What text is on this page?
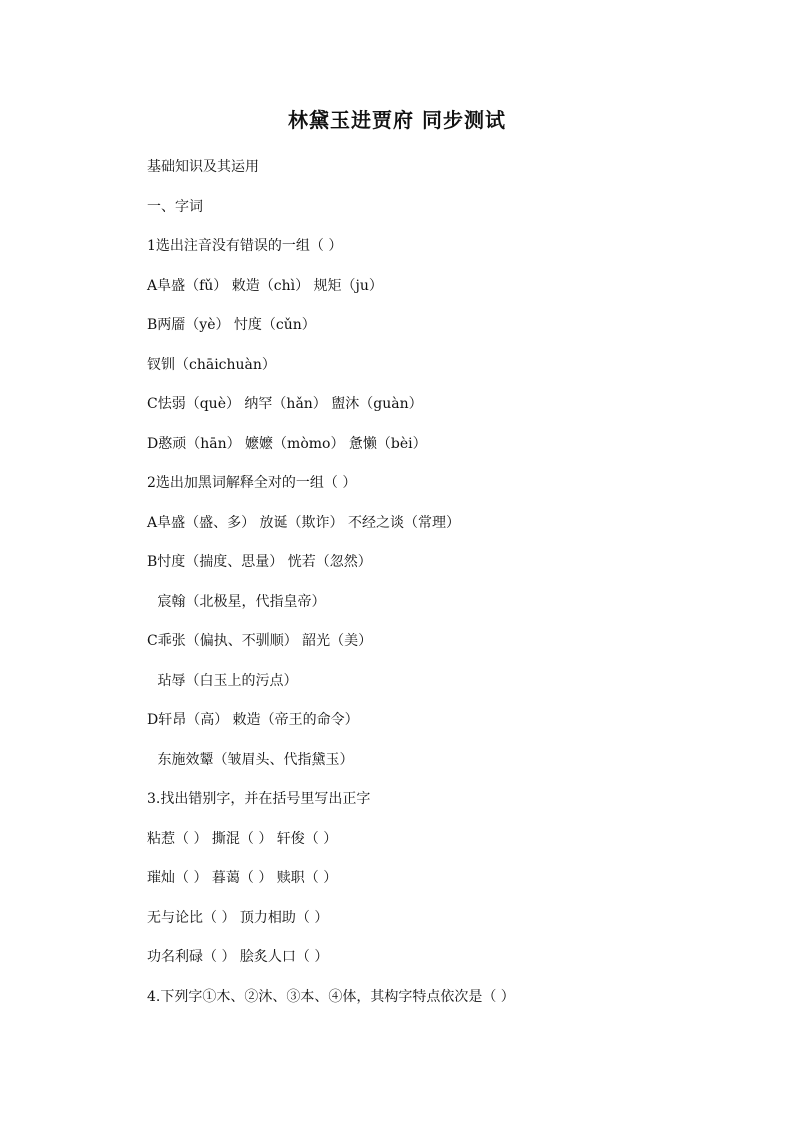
林黛玉进贾府 同步测试
基础知识及其运用
一、字词
1选出注音没有错误的一组（ ）
A阜盛（fǔ） 敕造（chì） 规矩（ju）
B两靥（yè） 忖度（cǔn）
钗钏（chāichuàn）
C怯弱（què） 纳罕（hǎn） 盥沐（guàn）
D憨顽（hān） 嬷嬷（mòmo） 惫懒（bèi）
2选出加黑词解释全对的一组（ ）
A阜盛（盛、多） 放诞（欺诈） 不经之谈（常理）
B忖度（揣度、思量） 恍若（忽然）
宸翰（北极星，代指皇帝）
C乖张（偏执、不驯顺） 韶光（美）
玷辱（白玉上的污点）
D轩昂（高） 敕造（帝王的命令）
东施效颦（皱眉头、代指黛玉）
3.找出错别字，并在括号里写出正字
粘惹（ ） 撕混（ ） 轩俊（ ）
璀灿（ ） 暮蔼（ ） 赎职（ ）
无与论比（ ） 顶力相助（ ）
功名利碌（ ） 脍炙人口（ ）
4.下列字①木、②沐、③本、④体，其构字特点依次是（ ）
